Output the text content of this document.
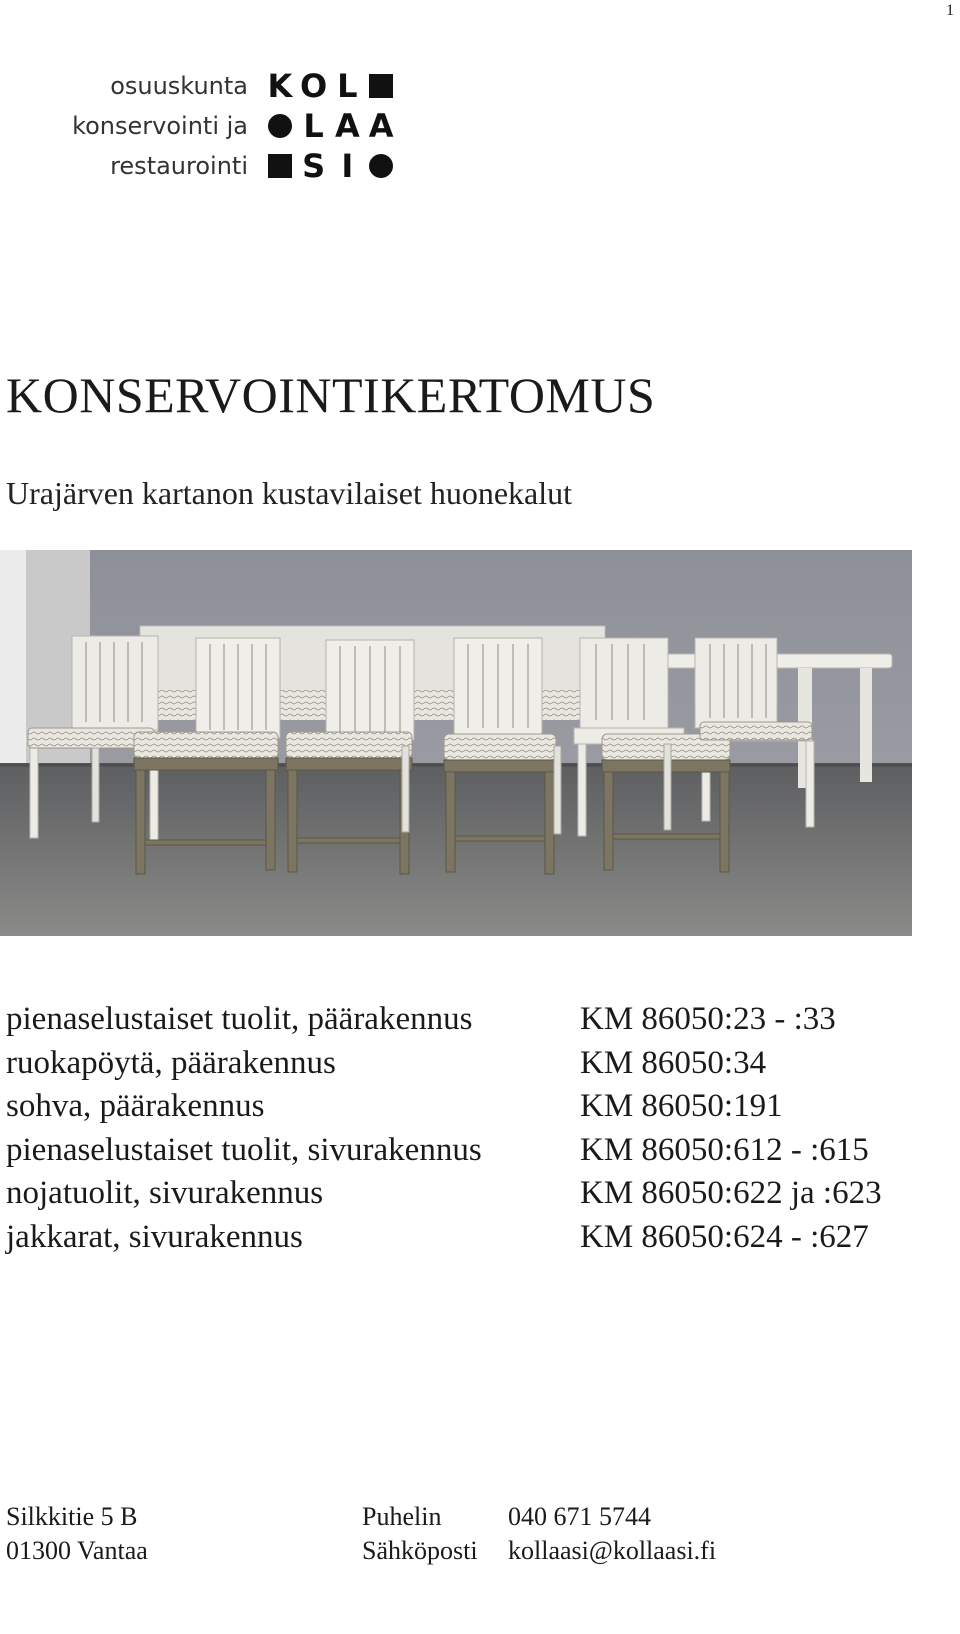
1
osuuskunta
konservointi ja
restaurointi
K O L
L A A
S I
KONSERVOINTIKERTOMUS
Urajärven kartanon kustavilaiset huonekalut
pienaselustaiset tuolit, päärakennus	KM 86050:23 - :33
ruokapöytä, päärakennus	KM 86050:34
sohva, päärakennus	KM 86050:191
pienaselustaiset tuolit, sivurakennus	KM 86050:612 - :615
nojatuolit, sivurakennus	KM 86050:622 ja :623
jakkarat, sivurakennus	KM 86050:624 - :627
Silkkitie 5 B	Puhelin	040 671 5744
01300 Vantaa	Sähköposti	kollaasi@kollaasi.fi
